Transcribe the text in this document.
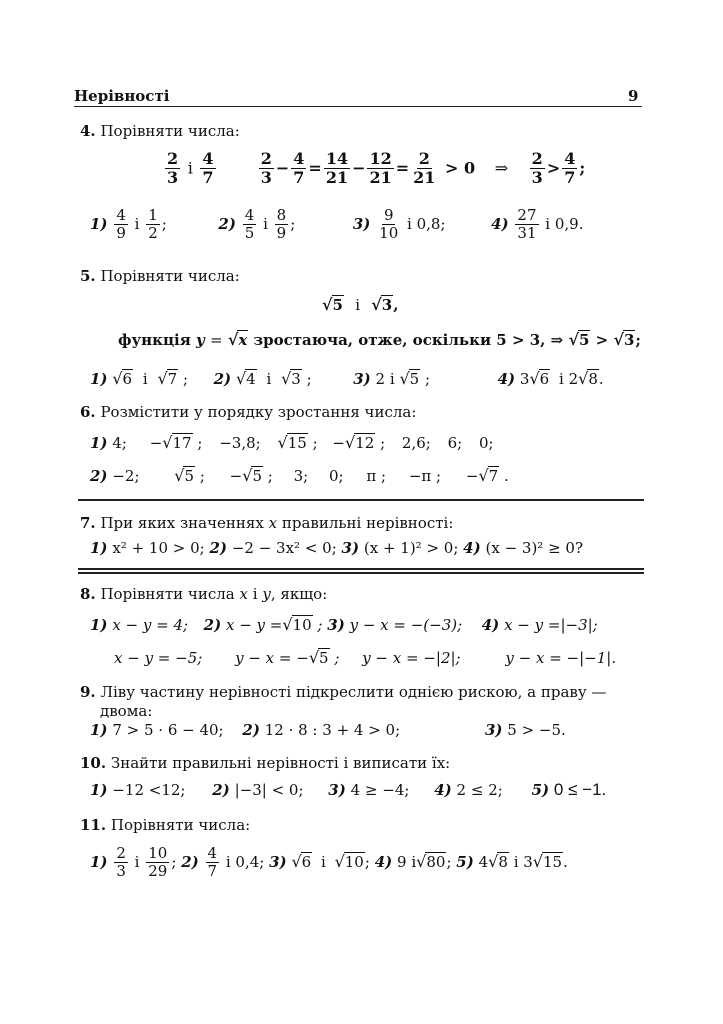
Нерівності	9
4. Порівняти числа:
$\frac{2}{3}$ і $\frac{4}{7}$
	$\frac{2}{3} - \frac{4}{7} = \frac{14}{21} - \frac{12}{21} = \frac{2}{21} > 0$ ⇒ $\frac{2}{3} > \frac{4}{7}$ ;
$1) \frac{4}{9}$ і $\frac{1}{2}$ ;	$2) \frac{4}{5}$ і $\frac{8}{9}$ ;	$3) \frac{9}{10}$ і 0,8;	$4) \frac{27}{31}$ і 0,9.
5. Порівняти числа:
√5 і √3,
функція y = √x зростаюча, отже, оскільки 5 > 3, ⇒ √5 > √3;
1) √6 і √7 ; 2) √4 і √3 ;	3) 2 і √5 ;	4) 3√6 і 2√8.
6. Розмістити у порядку зростання числа:
1) 4; −√17 ; −3,8; √15 ; −√12 ; 2,6; 6; 0;
2) −2; √5 ; −√5 ; 3; 0; π ; −π ; −√7 .
7. При яких значеннях x правильні нерівності:
1) x² + 10 > 0; 2) −2 − 3x² < 0; 3) (x + 1)² > 0; 4) (x − 3)² ≥ 0?
8. Порівняти числа x і y, якщо:
1) x − y = 4; 2) x − y =√10 ; 3) y − x = −(−3); 4) x − y =|−3|;
x − y = −5; y − x = −√5 ; y − x = −|2|;	y − x = −|−1|.
9. Ліву частину нерівності підкреслити однією рискою, а праву —
двома:
1) 7 > 5 · 6 − 40; 2) 12 · 8 : 3 + 4 > 0;	3) 5 > −5.
10. Знайти правильні нерівності і виписати їх:
1) −12 <12; 2) |−3| < 0; 3) 4 ≥ −4; 4) 2 ≤ 2; 5) 0 ≤ −1.
11. Порівняти числа:
$1) \frac{2}{3}$ і $\frac{10}{29}$ ; $2) \frac{4}{7}$ і 0,4; 3) √6 і √10; 4) 9 і√80; 5) 4√8 і 3√15.
